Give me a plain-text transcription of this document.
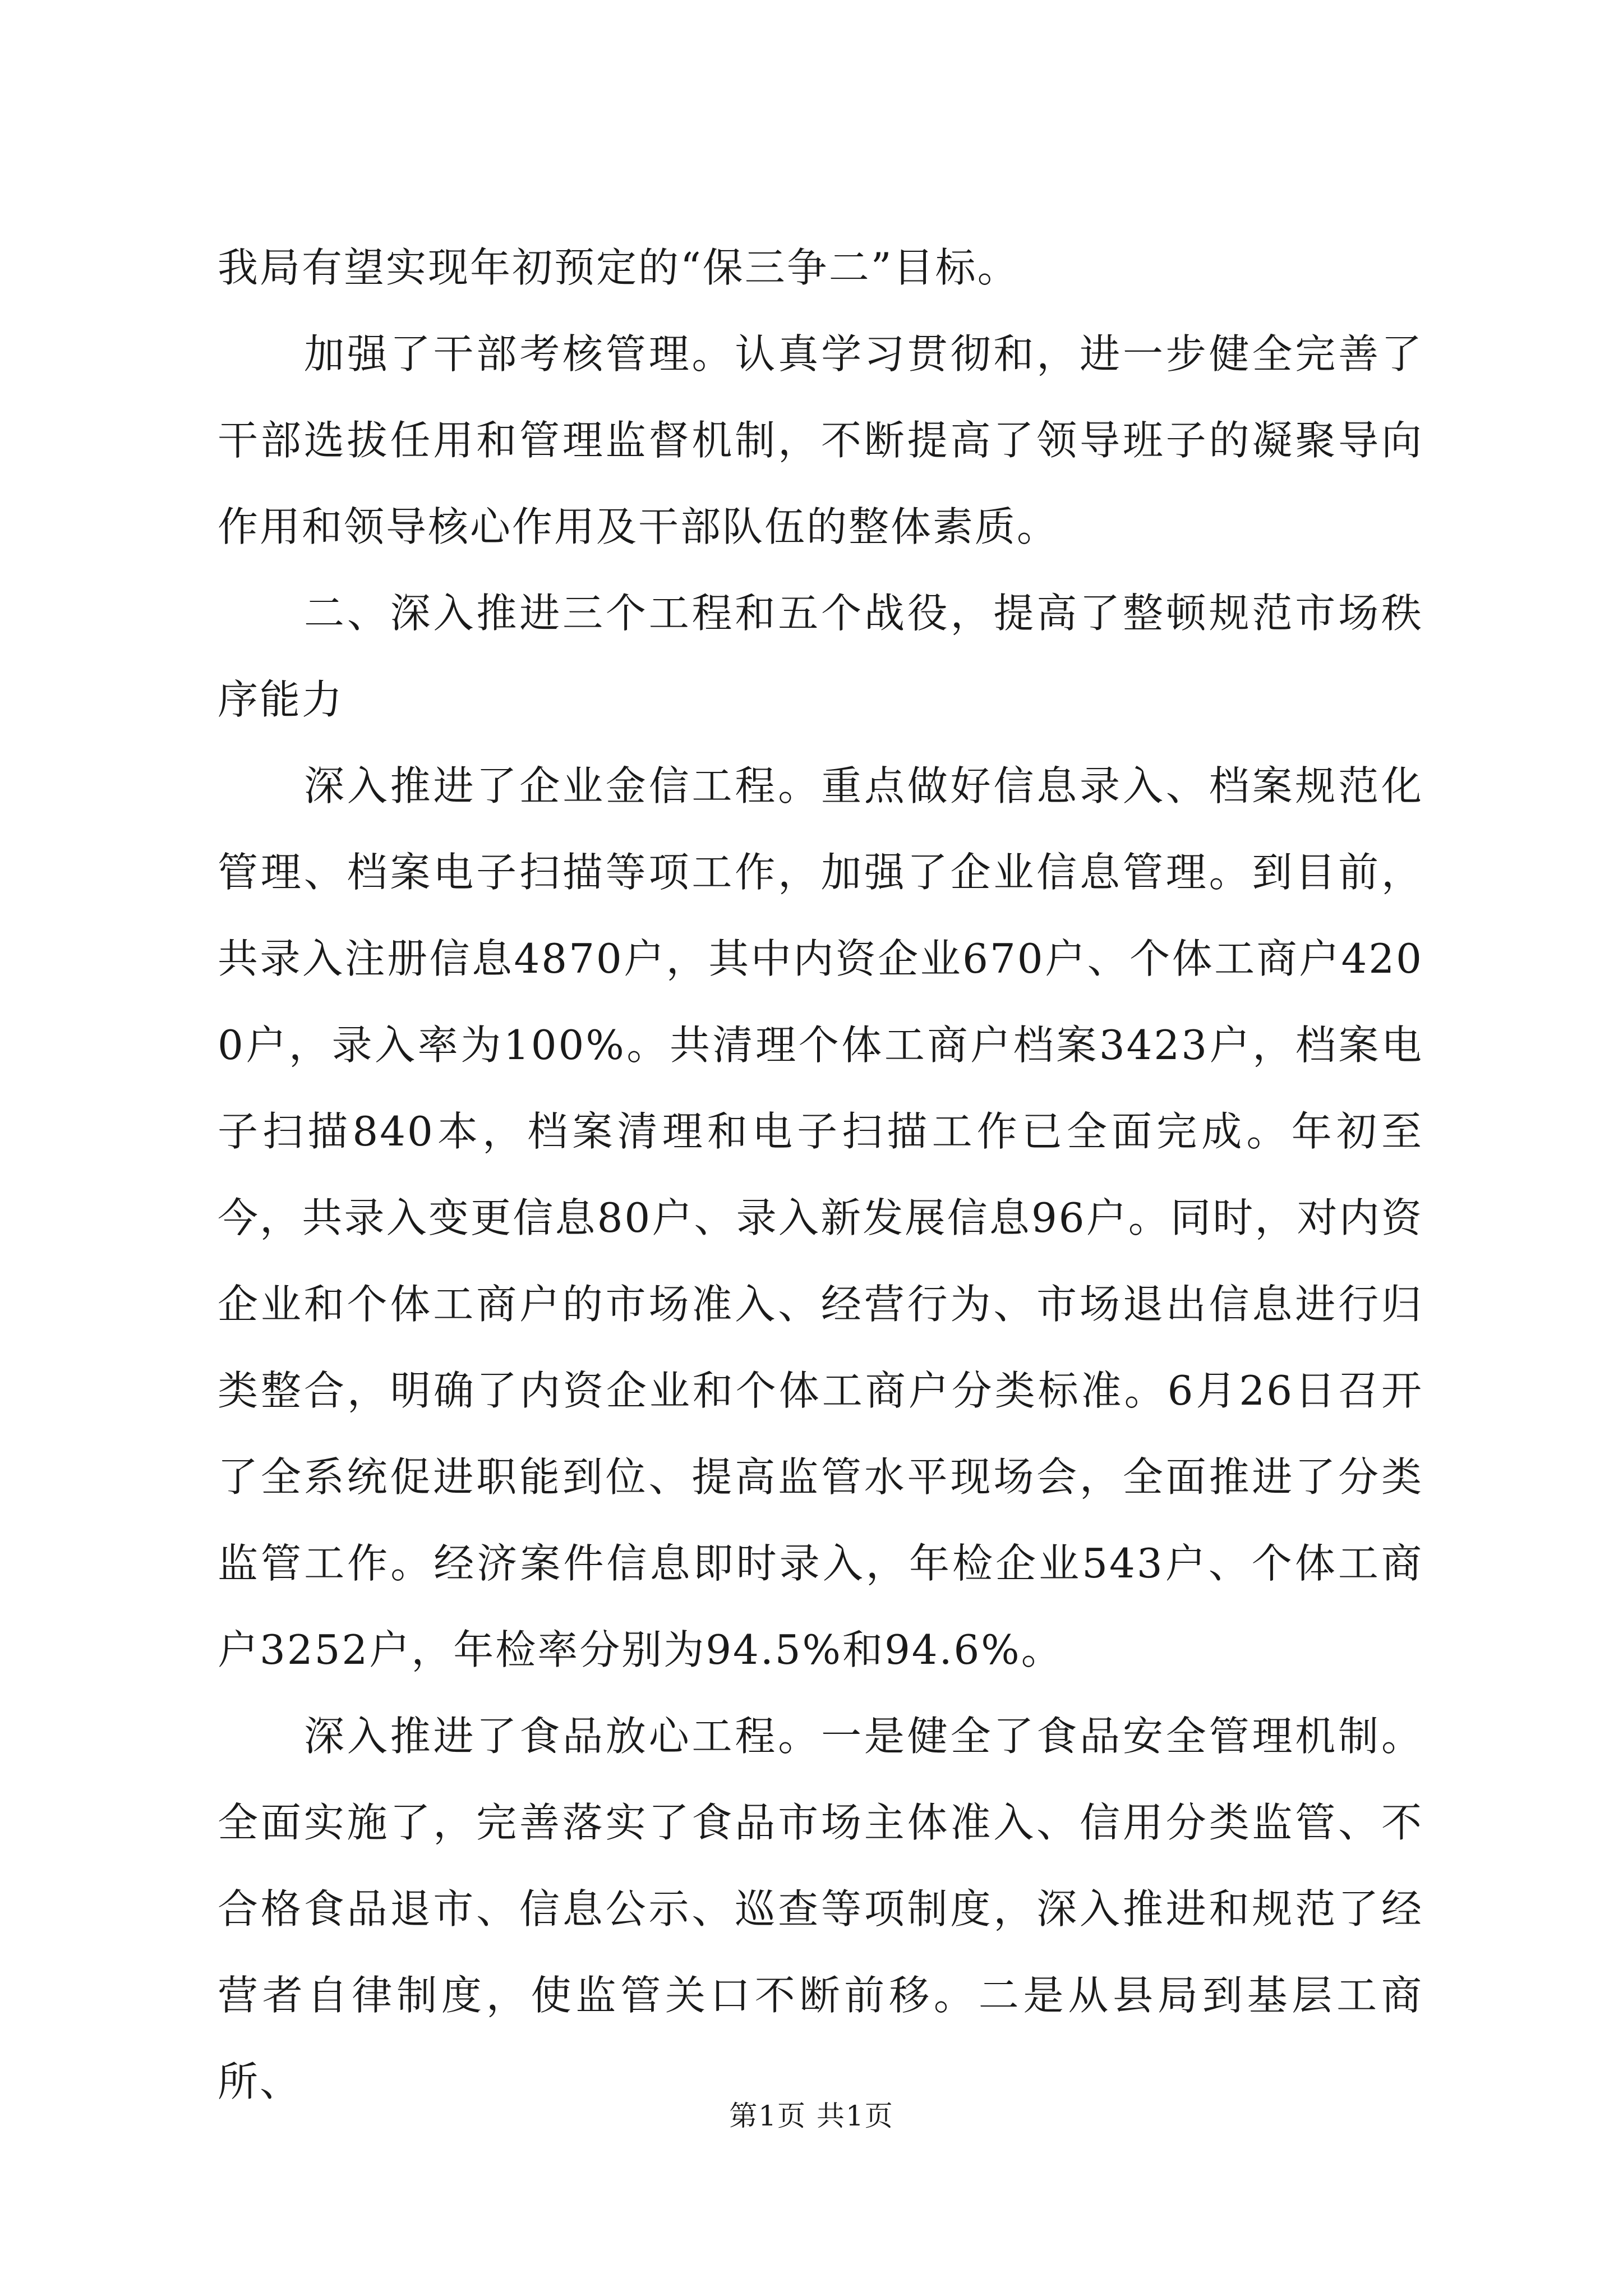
我局有望实现年初预定的“保三争二”目标。

加强了干部考核管理。认真学习贯彻和，进一步健全完善了干部选拔任用和管理监督机制，不断提高了领导班子的凝聚导向作用和领导核心作用及干部队伍的整体素质。

二、深入推进三个工程和五个战役，提高了整顿规范市场秩序能力

深入推进了企业金信工程。重点做好信息录入、档案规范化管理、档案电子扫描等项工作，加强了企业信息管理。到目前，共录入注册信息4870户，其中内资企业670户、个体工商户4200户，录入率为100%。共清理个体工商户档案3423户，档案电子扫描840本，档案清理和电子扫描工作已全面完成。年初至今，共录入变更信息80户、录入新发展信息96户。同时，对内资企业和个体工商户的市场准入、经营行为、市场退出信息进行归类整合，明确了内资企业和个体工商户分类标准。6月26日召开了全系统促进职能到位、提高监管水平现场会，全面推进了分类监管工作。经济案件信息即时录入，年检企业543户、个体工商户3252户，年检率分别为94.5%和94.6%。

深入推进了食品放心工程。一是健全了食品安全管理机制。全面实施了，完善落实了食品市场主体准入、信用分类监管、不合格食品退市、信息公示、巡查等项制度，深入推进和规范了经营者自律制度，使监管关口不断前移。二是从县局到基层工商所、

第1页 共1页
